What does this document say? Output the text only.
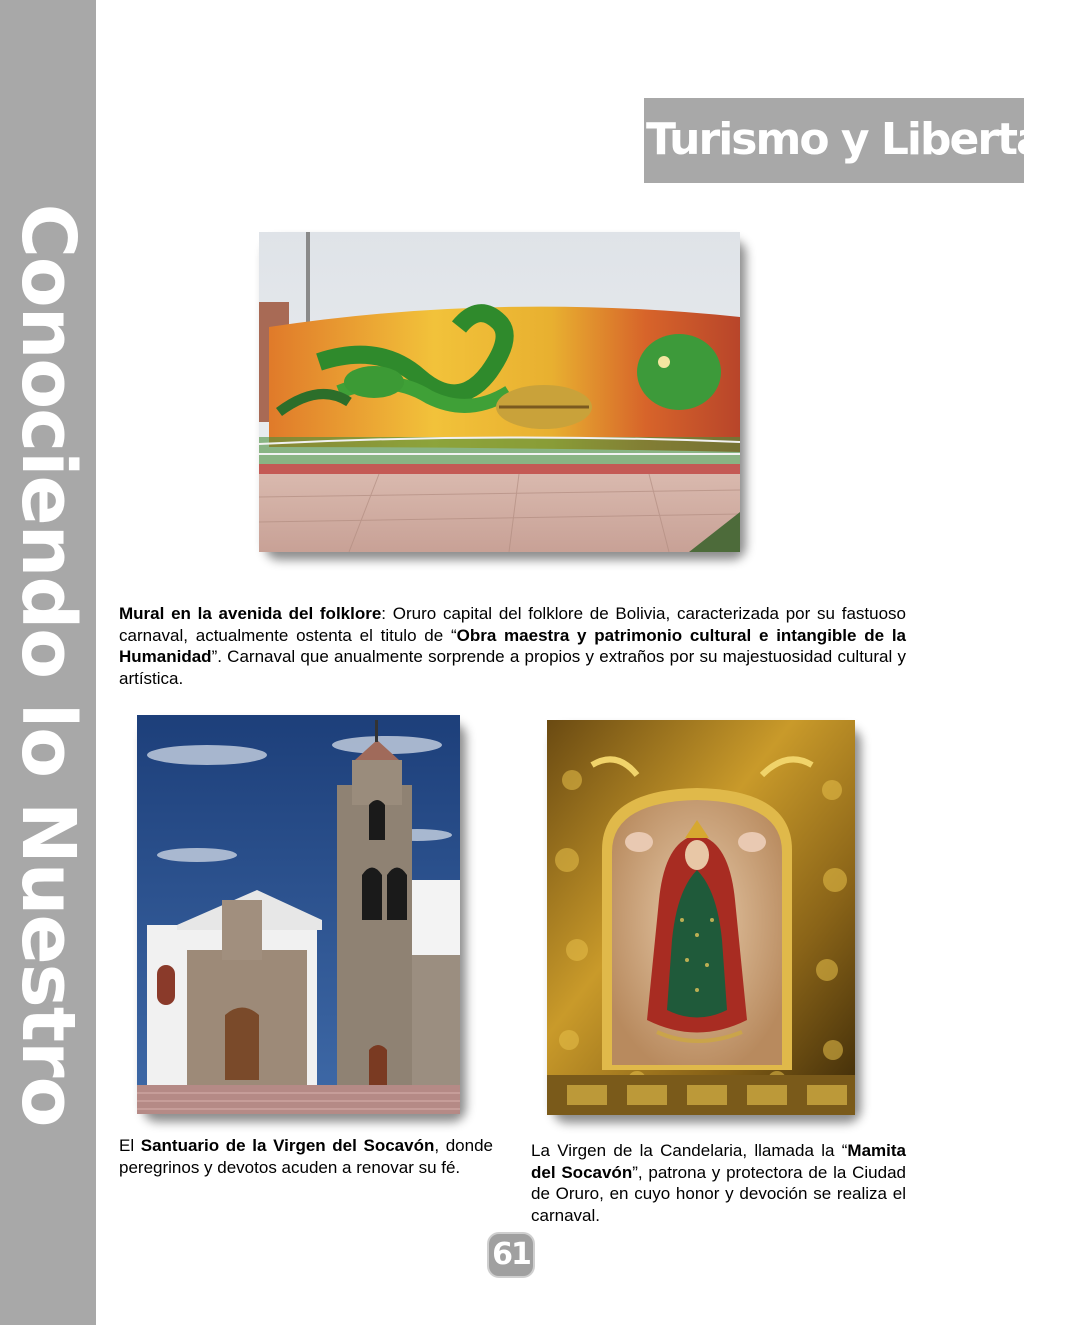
Conociendo lo Nuestro
Turismo y Libertad
Mural en la avenida del folklore: Oruro capital del folklore de Bolivia, caracterizada por su fastuoso carnaval, actualmente ostenta el titulo de “Obra maestra y patrimonio cultural e intangible de la Humanidad”. Carnaval que anualmente sorprende a propios y extraños por su majestuosidad cultural y artística.
El Santuario de la Virgen del Socavón, donde peregrinos y devotos acuden a renovar su fé.
La Virgen de la Candelaria, llamada la “Mamita del Socavón”, patrona y protectora de la Ciudad de Oruro, en cuyo honor y devoción se realiza el carnaval.
61
